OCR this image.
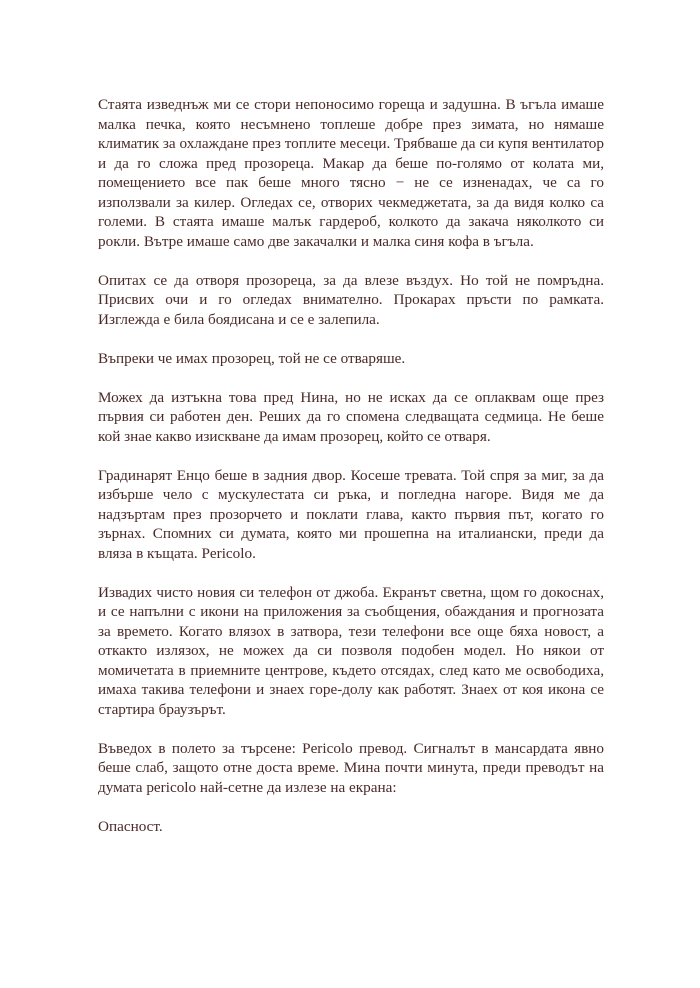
Стаята изведнъж ми се стори непоносимо гореща и задушна. В ъгъла имаше малка печка, която несъмнено топлеше добре през зимата, но нямаше климатик за охлаждане през топлите месеци. Трябваше да си купя вентилатор и да го сложа пред прозореца. Макар да беше по-голямо от колата ми, помещението все пак беше много тясно − не се изненадах, че са го използвали за килер. Огледах се, отворих чекмеджетата, за да видя колко са големи. В стаята имаше малък гардероб, колкото да закача няколкото си рокли. Вътре имаше само две закачалки и малка синя кофа в ъгъла.

Опитах се да отворя прозореца, за да влезе въздух. Но той не помръдна. Присвих очи и го огледах внимателно. Прокарах пръсти по рамката. Изглежда е била боядисана и се е залепила.

Въпреки че имах прозорец, той не се отваряше.

Можех да изтъкна това пред Нина, но не исках да се оплаквам още през първия си работен ден. Реших да го спомена следващата седмица. Не беше кой знае какво изискване да имам прозорец, който се отваря.

Градинарят Енцо беше в задния двор. Косеше тревата. Той спря за миг, за да избърше чело с мускулестата си ръка, и погледна нагоре. Видя ме да надзъртам през прозорчето и поклати глава, както първия път, когато го зърнах. Спомних си думата, която ми прошепна на италиански, преди да вляза в къщата. Pericolo.

Извадих чисто новия си телефон от джоба. Екранът светна, щом го докоснах, и се напълни с икони на приложения за съобщения, обаждания и прогнозата за времето. Когато влязох в затвора, тези телефони все още бяха новост, а откакто излязох, не можех да си позволя подобен модел. Но някои от момичетата в приемните центрове, където отсядах, след като ме освободиха, имаха такива телефони и знаех горе-долу как работят. Знаех от коя икона се стартира браузърът.

Въведох в полето за търсене: Pericolo превод. Сигналът в мансардата явно беше слаб, защото отне доста време. Мина почти минута, преди преводът на думата pericolo най-сетне да излезе на екрана:

Опасност.
